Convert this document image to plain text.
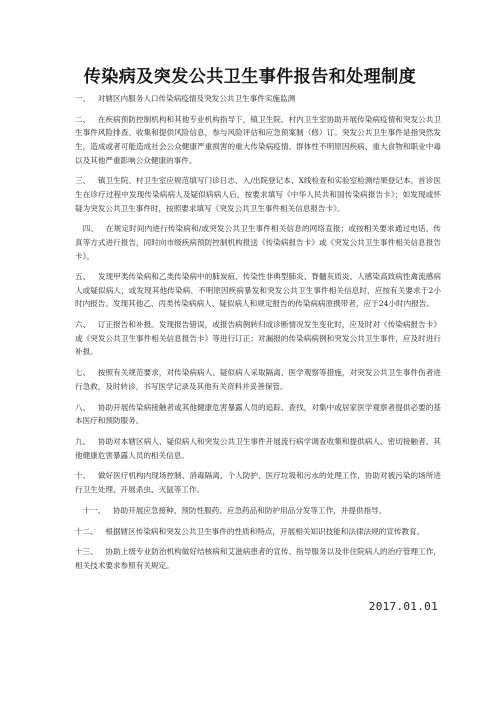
传染病及突发公共卫生事件报告和处理制度

一、  对辖区内服务人口传染病疫情及突发公共卫生事件实施监测

二、  在疾病预防控制机构和其他专业机构指导下，镇卫生院、村内卫生室协助开展传染病疫情和突发公共卫生事件风险排查、收集和提供风险信息，参与风险评估和应急预案制（修）订。突发公共卫生事件是指突然发生，造成或者可能造成社会公众健康严重损害的重大传染病疫情、群体性不明原因疾病、重大食物和职业中毒以及其他严重影响公众健康的事件。

三、  镇卫生院、村卫生室应规范填写门诊日志、入/出院登记本、X线检查和实验室检测结果登记本。首诊医生在诊疗过程中发现传染病病人及疑似病病人后，按要求填写《中华人民共和国传染病报告卡》；如发现或怀疑为突发公共卫生事件时，按照要求填写《突发公共卫生事件相关信息报告卡》。

　四、  在规定时间内进行传染病和/或突发公共卫生事件相关信息的网络直报；或按相关要求通过电话、传真等方式进行报告，同时向市级疾病预防控制机构报送《传染病报告卡》或《突发公共卫生事件相关信息报告卡》。

五、  发现甲类传染病和乙类传染病中的肺炭疽、传染性非典型肺炎、脊髓灰质炎、人感染高致病性禽流感病人或疑似病人，或发现其他传染病、不明原因疾病暴发和突发公共卫生事件相关信息时，应按有关要求于2小时内报告。发现其他乙、丙类传染病病人、疑似病人和规定报告的传染病病原携带者，应于24小时内报告。

六、  订正报告和补报。发现报告错误，或报告病例转归或诊断情况发生变化时，应及时对《传染病报告卡》或《突发公共卫生事件相关信息报告卡》等进行订正；对漏报的传染病病例和突发公共卫生事件，应及时进行补报。

七、  按照有关规范要求，对传染病病人、疑似病人采取隔离、医学观察等措施，对突发公共卫生事件伤者进行急救，及时转诊，书写医学记录及其他有关资料并妥善保管。

八、  协助开展传染病接触者或其他健康危害暴露人员的追踪、查找，对集中或居家医学观察者提供必要的基本医疗和预防服务。

九、  协助对本辖区病人、疑似病人和突发公共卫生事件开展流行病学调查收集和提供病人、密切接触者、其他健康危害暴露人员的相关信息。

十、  做好医疗机构内现场控制、消毒隔离、个人防护、医疗垃圾和污水的处理工作，协助对被污染的场所进行卫生处理、开展杀虫、灭鼠等工作。

　十一、  协助开展应急接种、预防性服药、应急药品和防护用品分发等工作，并提供指导。

十二、  根据辖区传染病和突发公共卫生事件的性质和特点，开展相关知识技能和法律法规的宣传教育。

十三、  协助上级专业防治机构做好结核病和艾滋病患者的宣传、指导服务以及非住院病人的治疗管理工作，相关技术要求参照有关规定。

2017.01.01
